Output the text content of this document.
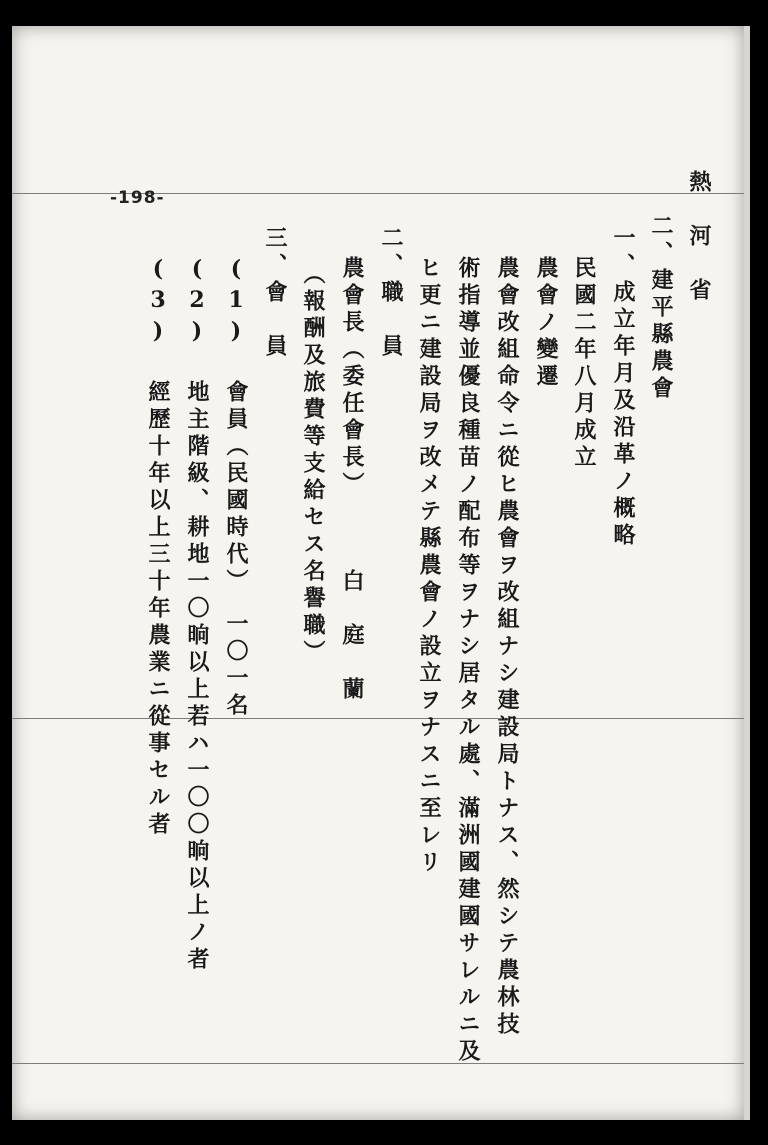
-198-	熱　河　省
二、建平縣農會
一、成立年月及沿革ノ概略
民國二年八月成立
農會ノ變遷
農會改組命令ニ從ヒ農會ヲ改組ナシ建設局トナス、然シテ農林技
術指導並優良種苗ノ配布等ヲナシ居タル處、滿洲國建國サレルニ及
ヒ更ニ建設局ヲ改メテ縣農會ノ設立ヲナスニ至レリ
二、職　員
農會長（委任會長）　　　白　庭　蘭
（報酬及旅費等支給セス名譽職）
三、會　員
(1) 會員（民國時代）　一〇一名
(2) 地主階級、耕地一〇晌以上若ハ一〇〇晌以上ノ者
(3) 經歷十年以上三十年農業ニ從事セル者
